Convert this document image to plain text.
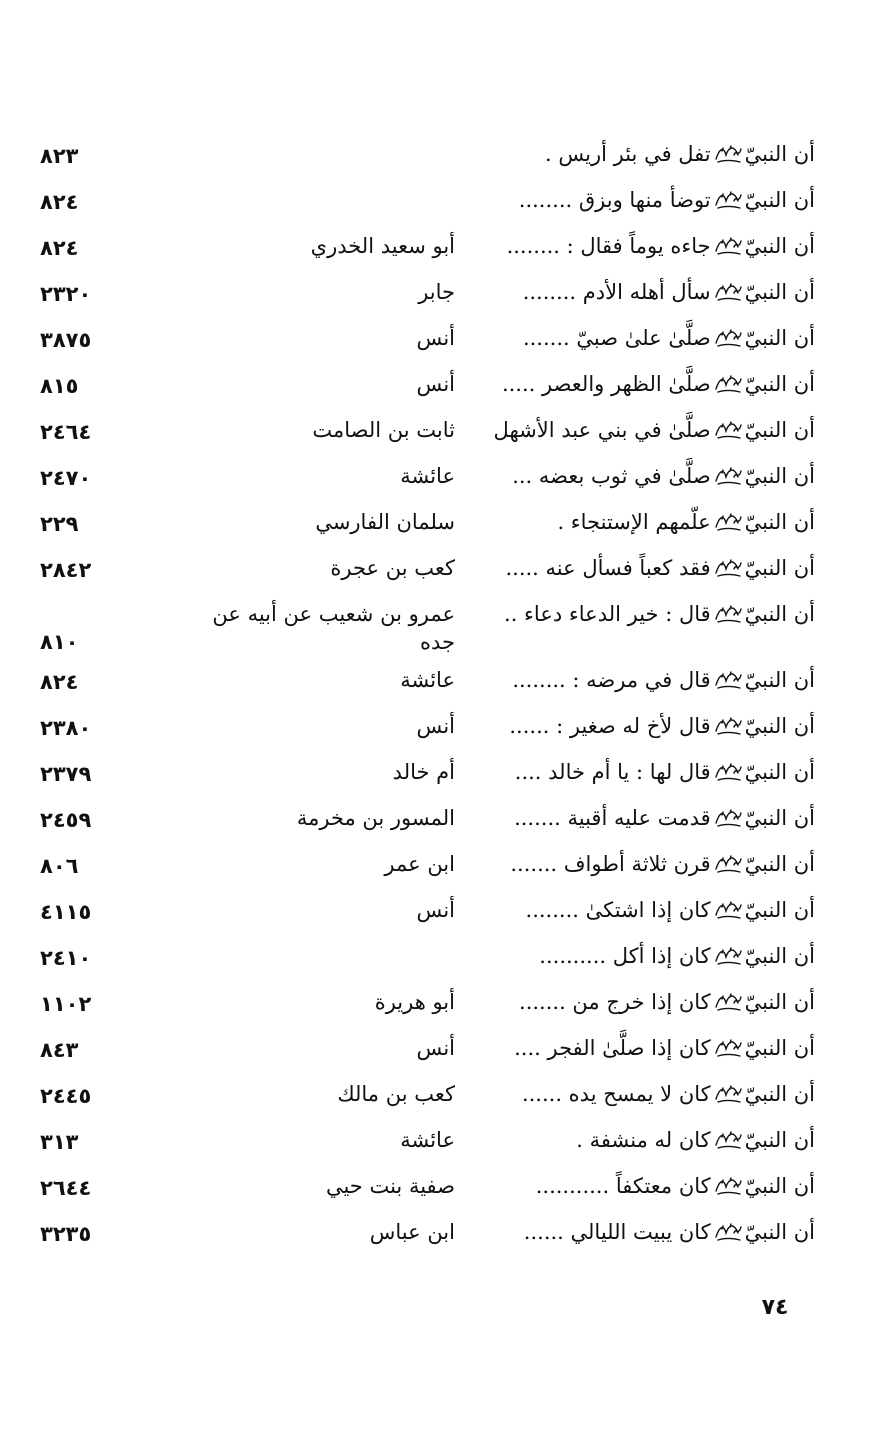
أن النبيّتفل في بئر أريس .
٨٢٣
أن النبيّتوضأ منها وبزق ........
٨٢٤
أن النبيّجاءه يوماً فقال : ........
أبو سعيد الخدري
٨٢٤
أن النبيّسأل أهله الأدم ........
جابر
٢٣٢٠
أن النبيّصلَّىٰ علىٰ صبيّ .......
أنس
٣٨٧٥
أن النبيّصلَّىٰ الظهر والعصر .....
أنس
٨١٥
أن النبيّصلَّىٰ في بني عبد الأشهل
ثابت بن الصامت
٢٤٦٤
أن النبيّصلَّىٰ في ثوب بعضه ...
عائشة
٢٤٧٠
أن النبيّعلّمهم الإستنجاء .
سلمان الفارسي
٢٢٩
أن النبيّفقد كعباً فسأل عنه .....
كعب بن عجرة
٢٨٤٢
أن النبيّقال : خير الدعاء دعاء ..
عمرو بن شعيب عن أبيه عن جده
٨١٠
أن النبيّقال في مرضه : ........
عائشة
٨٢٤
أن النبيّقال لأخ له صغير : ......
أنس
٢٣٨٠
أن النبيّقال لها : يا أم خالد ....
أم خالد
٢٣٧٩
أن النبيّقدمت عليه أقبية .......
المسور بن مخرمة
٢٤٥٩
أن النبيّقرن ثلاثة أطواف .......
ابن عمر
٨٠٦
أن النبيّكان إذا اشتكىٰ ........
أنس
٤١١٥
أن النبيّكان إذا أكل ..........
٢٤١٠
أن النبيّكان إذا خرج من .......
أبو هريرة
١١٠٢
أن النبيّكان إذا صلَّىٰ الفجر ....
أنس
٨٤٣
أن النبيّكان لا يمسح يده ......
كعب بن مالك
٢٤٤٥
أن النبيّكان له منشفة .
عائشة
٣١٣
أن النبيّكان معتكفاً ...........
صفية بنت حيي
٢٦٤٤
أن النبيّكان يبيت الليالي ......
ابن عباس
٣٢٣٥
٧٤
